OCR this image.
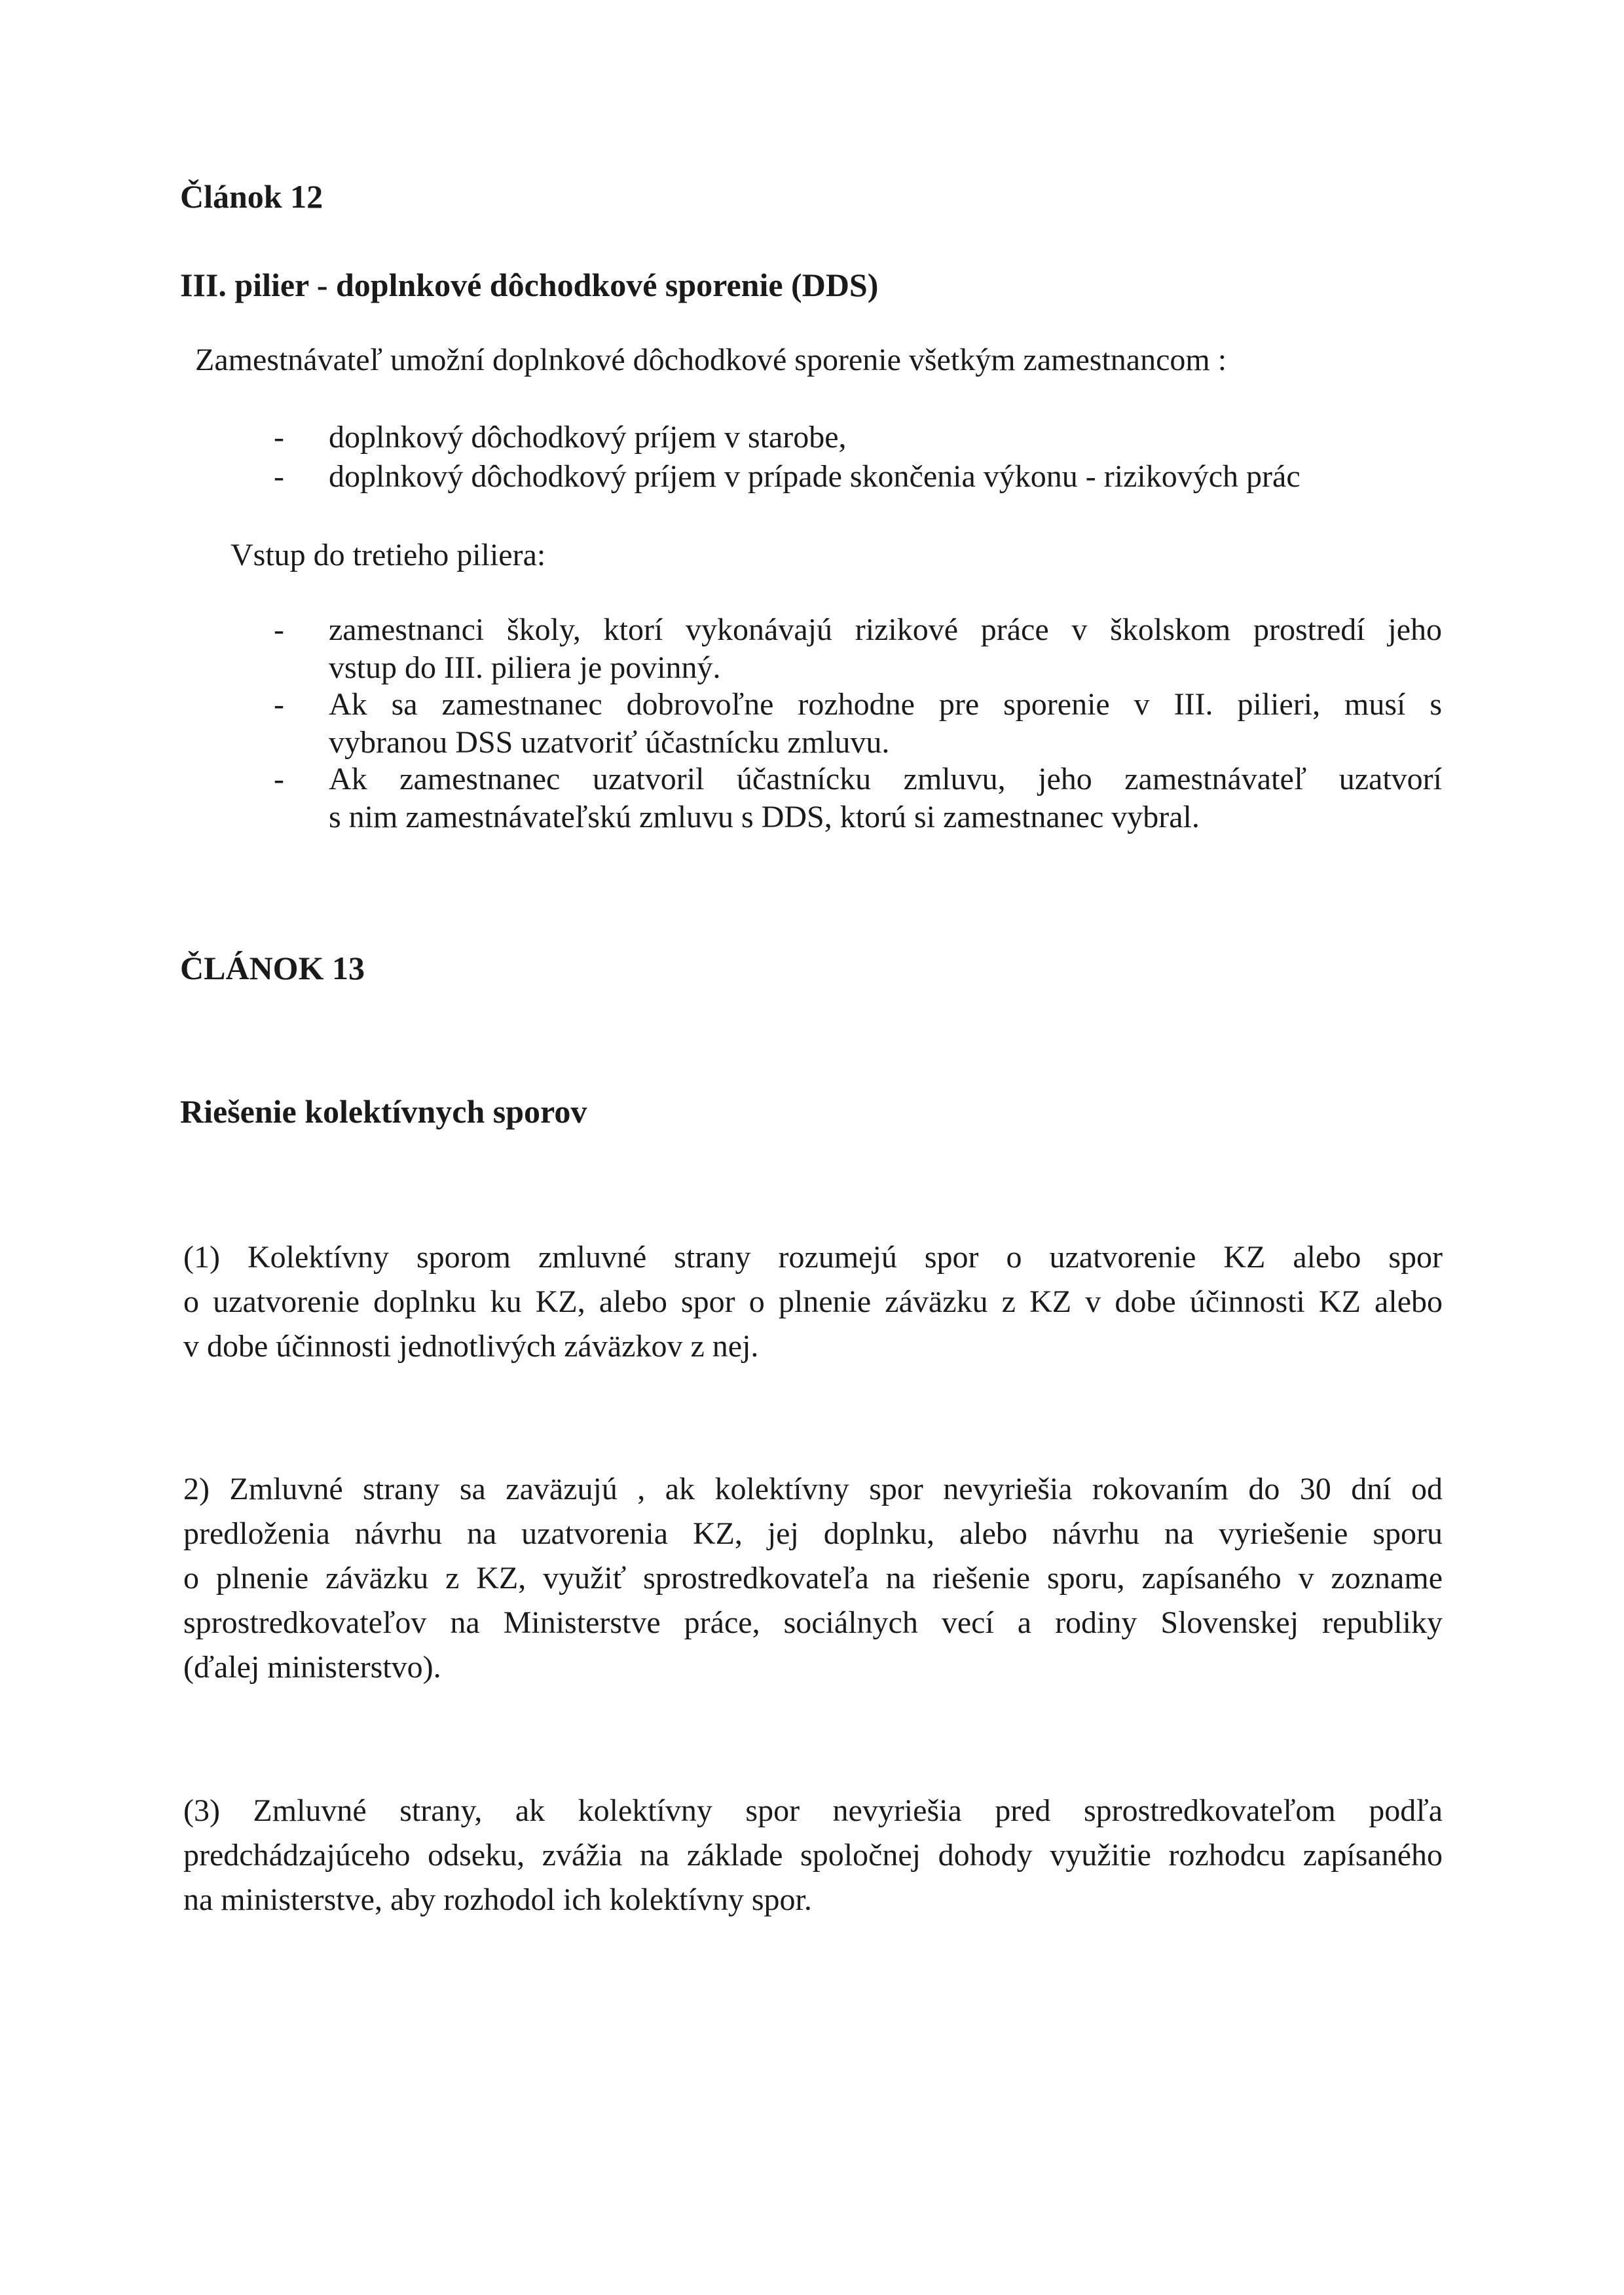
Článok 12
III. pilier - doplnkové dôchodkové sporenie (DDS)
Zamestnávateľ umožní doplnkové dôchodkové sporenie všetkým zamestnancom :
- doplnkový dôchodkový príjem v starobe,
- doplnkový dôchodkový príjem v prípade skončenia výkonu - rizikových prác
Vstup do tretieho piliera:
- zamestnanci školy, ktorí vykonávajú rizikové práce v školskom prostredí jeho
vstup do III. piliera je povinný.
- Ak sa zamestnanec dobrovoľne rozhodne pre sporenie v III. pilieri, musí s
vybranou DSS uzatvoriť účastnícku zmluvu.
- Ak zamestnanec uzatvoril účastnícku zmluvu, jeho zamestnávateľ uzatvorí
s nim zamestnávateľskú zmluvu s DDS, ktorú si zamestnanec vybral.
ČLÁNOK 13
Riešenie kolektívnych sporov
(1) Kolektívny sporom zmluvné strany rozumejú spor o uzatvorenie KZ alebo spor
o uzatvorenie doplnku ku KZ, alebo spor o plnenie záväzku z KZ v dobe účinnosti KZ alebo
v dobe účinnosti jednotlivých záväzkov z nej.
2) Zmluvné strany sa zaväzujú , ak kolektívny spor nevyriešia rokovaním do 30 dní od
predloženia návrhu na uzatvorenia KZ, jej doplnku, alebo návrhu na vyriešenie sporu
o plnenie záväzku z KZ, využiť sprostredkovateľa na riešenie sporu, zapísaného v zozname
sprostredkovateľov na Ministerstve práce, sociálnych vecí a rodiny Slovenskej republiky
(ďalej ministerstvo).
(3) Zmluvné strany, ak kolektívny spor nevyriešia pred sprostredkovateľom podľa
predchádzajúceho odseku, zvážia na základe spoločnej dohody využitie rozhodcu zapísaného
na ministerstve, aby rozhodol ich kolektívny spor.
